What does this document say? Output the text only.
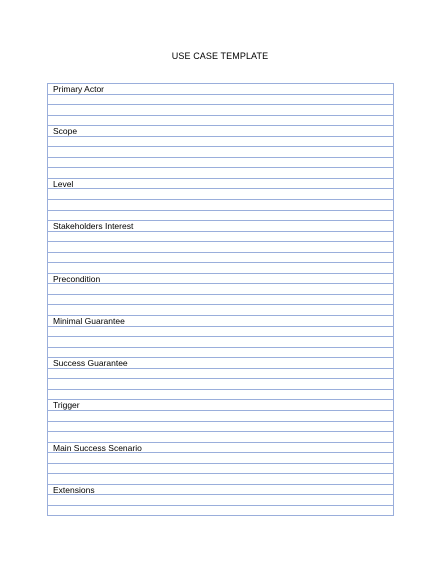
USE CASE TEMPLATE
Primary Actor
Scope
Level
Stakeholders Interest
Precondition
Minimal Guarantee
Success Guarantee
Trigger
Main Success Scenario
Extensions
